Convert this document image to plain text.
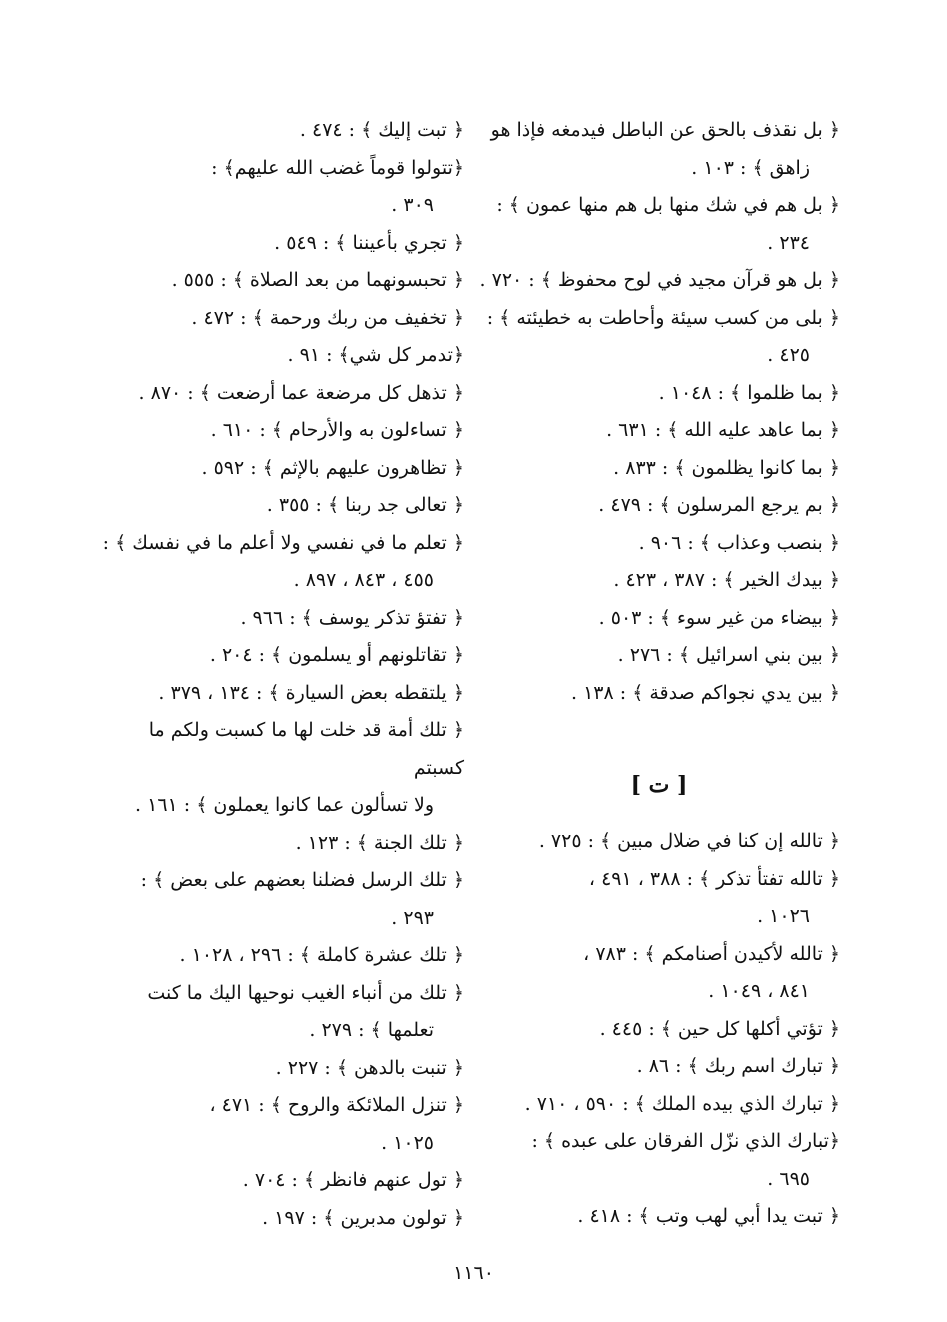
﴿ بل نقذف بالحق عن الباطل فيدمغه فإذا هو
زاهق ﴾ : ١٠٣ .
﴿ بل هم في شك منها بل هم منها عمون ﴾ :
٢٣٤ .
﴿ بل هو قرآن مجيد في لوح محفوظ ﴾ : ٧٢٠ .
﴿ بلى من كسب سيئة وأحاطت به خطيئته ﴾ :
٤٢٥ .
﴿ بما ظلموا ﴾ : ١٠٤٨ .
﴿ بما عاهد عليه الله ﴾ : ٦٣١ .
﴿ بما كانوا يظلمون ﴾ : ٨٣٣ .
﴿ بم يرجع المرسلون ﴾ : ٤٧٩ .
﴿ بنصب وعذاب ﴾ : ٩٠٦ .
﴿ بيدك الخير ﴾ : ٣٨٧ ، ٤٢٣ .
﴿ بيضاء من غير سوء ﴾ : ٥٠٣ .
﴿ بين بني اسرائيل ﴾ : ٢٧٦ .
﴿ بين يدي نجواكم صدقة ﴾ : ١٣٨ .
[ ت ]
﴿ تالله إن كنا في ضلال مبين ﴾ : ٧٢٥ .
﴿ تالله تفتأ تذكر ﴾ : ٣٨٨ ، ٤٩١ ،
١٠٢٦ .
﴿ تالله لأكيدن أصنامكم ﴾ : ٧٨٣ ،
٨٤١ ، ١٠٤٩ .
﴿ تؤتي أكلها كل حين ﴾ : ٤٤٥ .
﴿ تبارك اسم ربك ﴾ : ٨٦ .
﴿ تبارك الذي بيده الملك ﴾ : ٥٩٠ ، ٧١٠ .
﴿تبارك الذي نزّل الفرقان على عبده ﴾ :
٦٩٥ .
﴿ تبت يدا أبي لهب وتب ﴾ : ٤١٨ .
﴿ تبت إليك ﴾ : ٤٧٤ .
﴿تتولوا قوماً غضب الله عليهم﴾ :
٣٠٩ .
﴿ تجري بأعيننا ﴾ : ٥٤٩ .
﴿ تحبسونهما من بعد الصلاة ﴾ : ٥٥٥ .
﴿ تخفيف من ربك ورحمة ﴾ : ٤٧٢ .
﴿تدمر كل شي﴾ : ٩١ .
﴿ تذهل كل مرضعة عما أرضعت ﴾ : ٨٧٠ .
﴿ تساءلون به والأرحام ﴾ : ٦١٠ .
﴿ تظاهرون عليهم بالإثم ﴾ : ٥٩٢ .
﴿ تعالى جد ربنا ﴾ : ٣٥٥ .
﴿ تعلم ما في نفسي ولا أعلم ما في نفسك ﴾ :
٤٥٥ ، ٨٤٣ ، ٨٩٧ .
﴿ تفتؤ تذكر يوسف ﴾ : ٩٦٦ .
﴿ تقاتلونهم أو يسلمون ﴾ : ٢٠٤ .
﴿ يلتقطه بعض السيارة ﴾ : ١٣٤ ، ٣٧٩ .
﴿ تلك أمة قد خلت لها ما كسبت ولكم ما كسبتم
ولا تسألون عما كانوا يعملون ﴾ : ١٦١ .
﴿ تلك الجنة ﴾ : ١٢٣ .
﴿ تلك الرسل فضلنا بعضهم على بعض ﴾ :
٢٩٣ .
﴿ تلك عشرة كاملة ﴾ : ٢٩٦ ، ١٠٢٨ .
﴿ تلك من أنباء الغيب نوحيها اليك ما كنت
تعلمها ﴾ : ٢٧٩ .
﴿ تنبت بالدهن ﴾ : ٢٢٧ .
﴿ تنزل الملائكة والروح ﴾ : ٤٧١ ،
١٠٢٥ .
﴿ تول عنهم فانظر ﴾ : ٧٠٤ .
﴿ تولون مدبرين ﴾ : ١٩٧ .
١١٦٠
